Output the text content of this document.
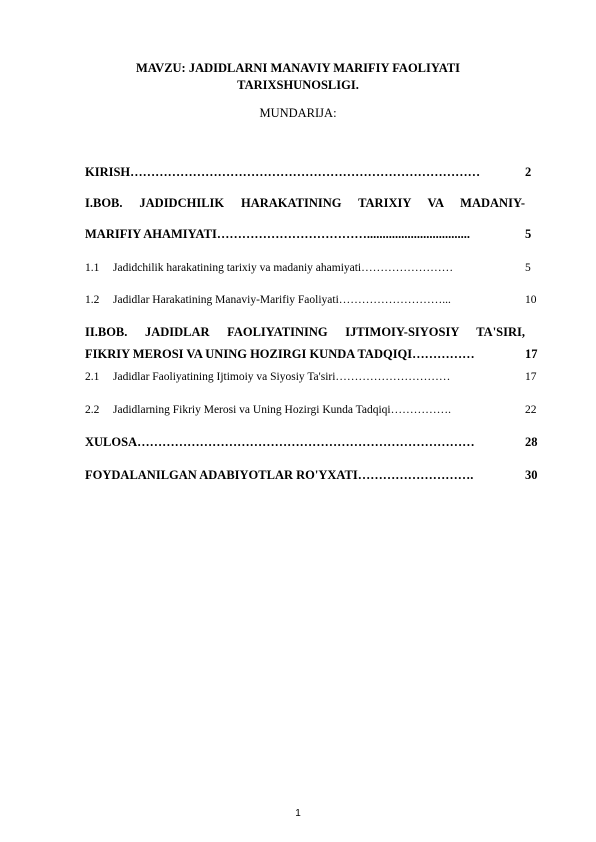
MAVZU: JADIDLARNI MANAVIY MARIFIY FAOLIYATI
TARIXSHUNOSLIGI.
MUNDARIJA:
KIRISH …………………………………………………………………………	2
I.BOB. JADIDCHILIK HARAKATINING TARIXIY VA MADANIY-
MARIFIY AHAMIYATI ……………………………….................................	5
1.1	Jadidchilik harakatining tarixiy va madaniy ahamiyati ……………………	5
1.2	Jadidlar Harakatining Manaviy-Marifiy Faoliyati ………………………...	10
II.BOB. JADIDLAR FAOLIYATINING IJTIMOIY-SIYOSIY TA'SIRI,
FIKRIY MEROSI VA UNING HOZIRGI KUNDA TADQIQI ……………	17
2.1	Jadidlar Faoliyatining Ijtimoiy va Siyosiy Ta'siri …………………………	17
2.2	Jadidlarning Fikriy Merosi va Uning Hozirgi Kunda Tadqiqi …………….	22
XULOSA ………………………………………………………………………	28
FOYDALANILGAN ADABIYOTLAR RO'YXATI ……………………….	30
1
